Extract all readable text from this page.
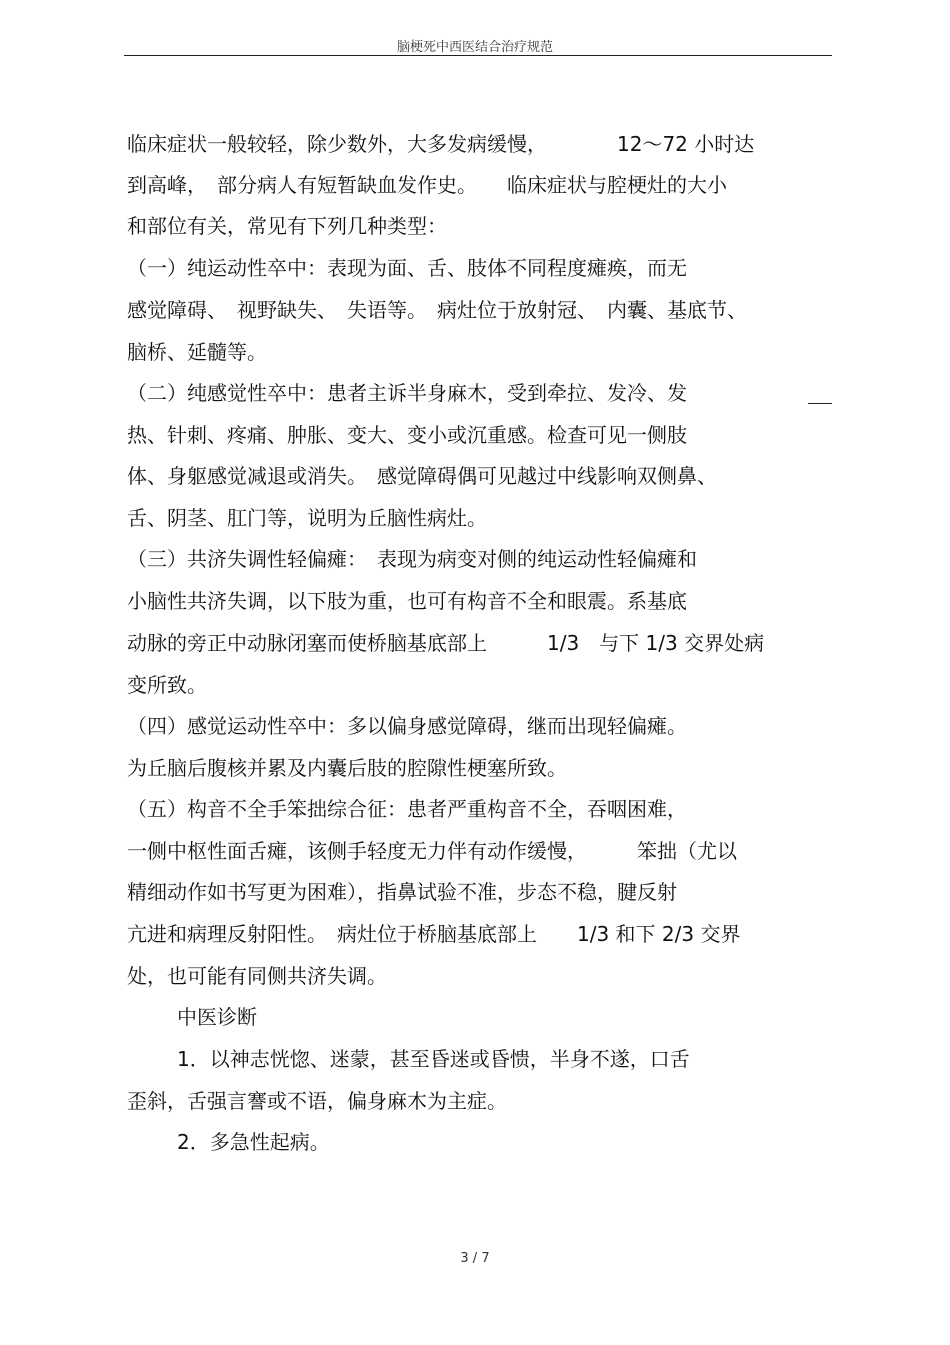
脑梗死中西医结合治疗规范
临床症状一般较轻，除少数外，大多发病缓慢，　　　　12～72 小时达
到高峰，　部分病人有短暂缺血发作史。　　临床症状与腔梗灶的大小
和部位有关，常见有下列几种类型：
（一）纯运动性卒中：表现为面、舌、肢体不同程度瘫痪，而无
感觉障碍、　视野缺失、　失语等。　病灶位于放射冠、　内囊、基底节、
脑桥、延髓等。
（二）纯感觉性卒中：患者主诉半身麻木，受到牵拉、发冷、发
热、针刺、疼痛、肿胀、变大、变小或沉重感。检查可见一侧肢
体、身躯感觉减退或消失。　感觉障碍偶可见越过中线影响双侧鼻、
舌、阴茎、肛门等，说明为丘脑性病灶。
（三）共济失调性轻偏瘫：　表现为病变对侧的纯运动性轻偏瘫和
小脑性共济失调，以下肢为重，也可有构音不全和眼震。系基底
动脉的旁正中动脉闭塞而使桥脑基底部上　　　1/3　与下 1/3 交界处病
变所致。
（四）感觉运动性卒中：多以偏身感觉障碍，继而出现轻偏瘫。
为丘脑后腹核并累及内囊后肢的腔隙性梗塞所致。
（五）构音不全手笨拙综合征：患者严重构音不全，吞咽困难，
一侧中枢性面舌瘫，该侧手轻度无力伴有动作缓慢，　　　笨拙（尤以
精细动作如书写更为困难），指鼻试验不准，步态不稳，腱反射
亢进和病理反射阳性。　病灶位于桥脑基底部上　　1/3 和下 2/3 交界
处，也可能有同侧共济失调。
中医诊断
1．以神志恍惚、迷蒙，甚至昏迷或昏愦，半身不遂，口舌
歪斜，舌强言謇或不语，偏身麻木为主症。
2．多急性起病。
3 / 7
